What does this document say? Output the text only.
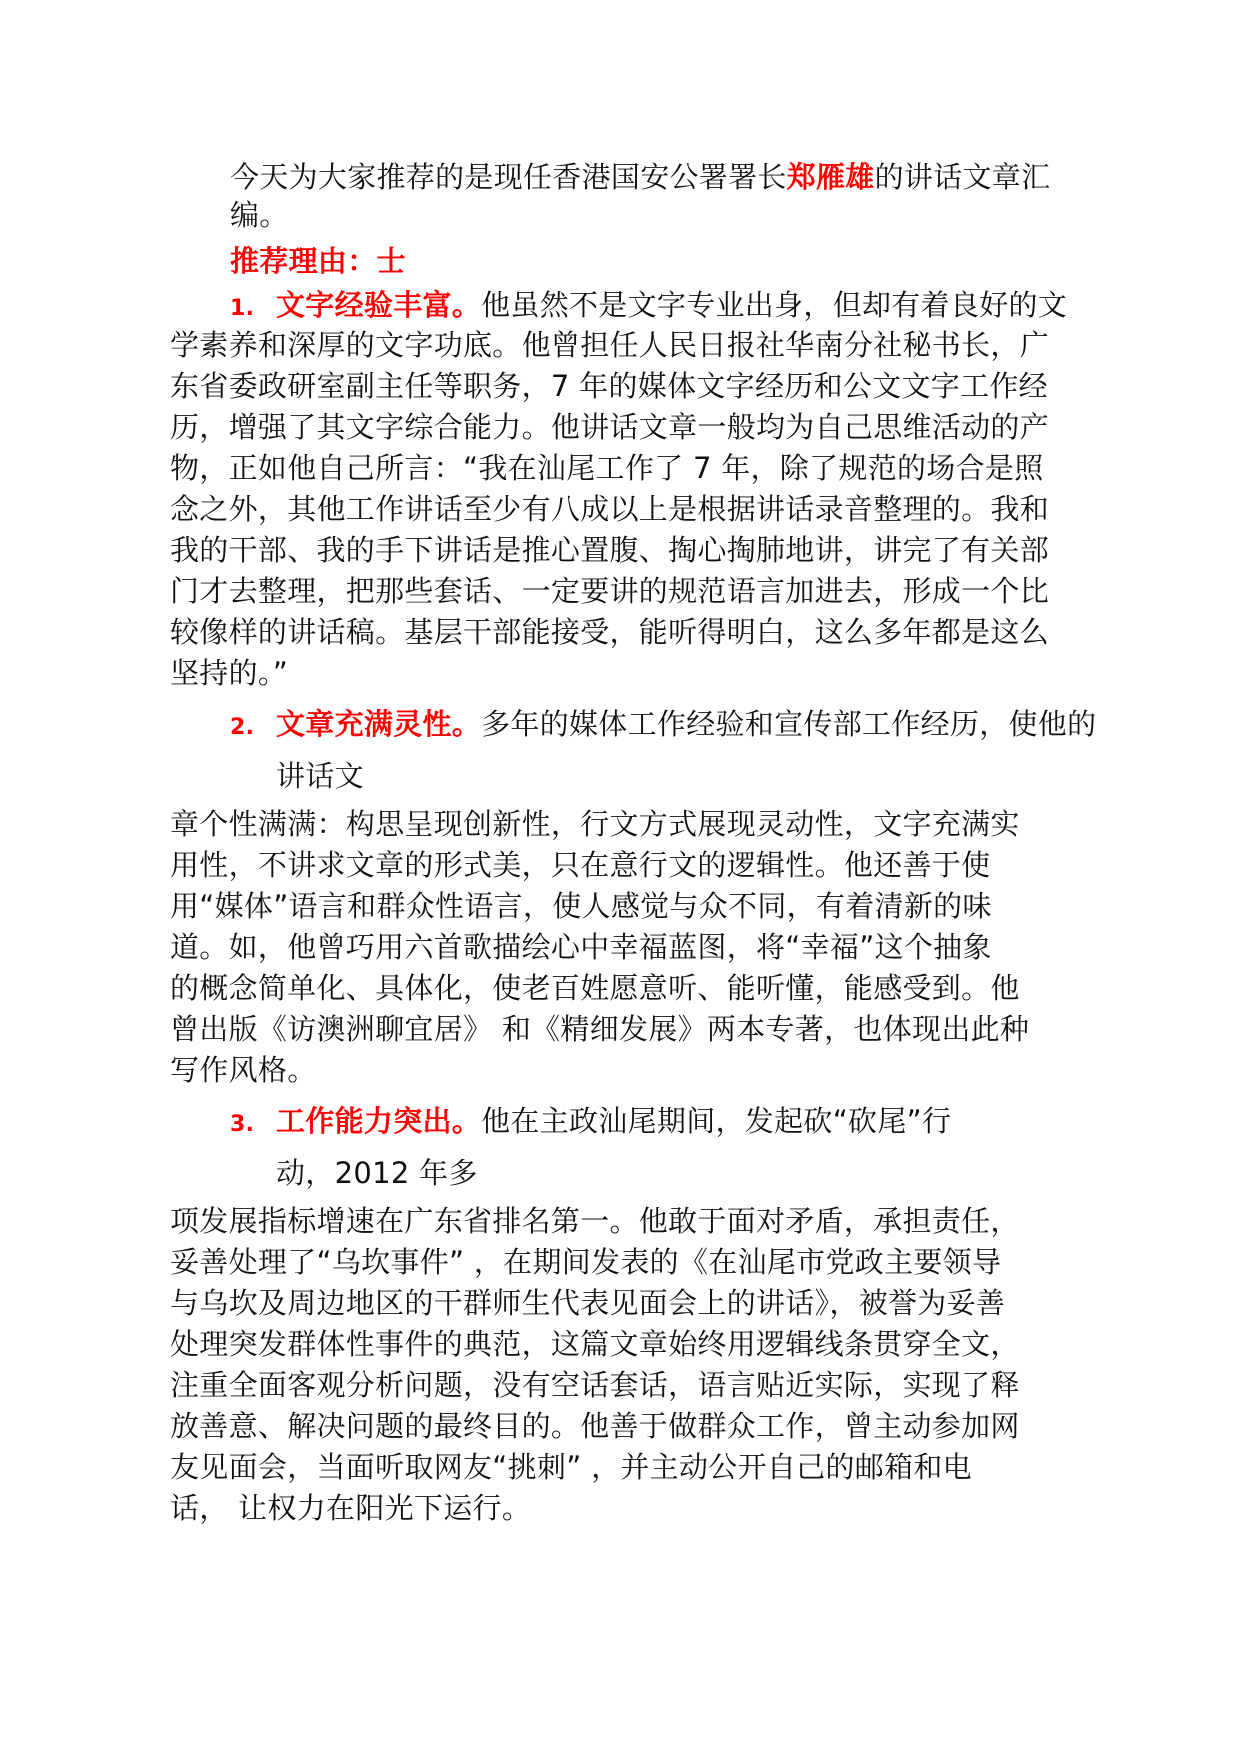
今天为大家推荐的是现任香港国安公署署长郑雁雄的讲话文章汇
编。
推荐理由：士
1. 文字经验丰富。他虽然不是文字专业出身，但却有着良好的文
学素养和深厚的文字功底。他曾担任人民日报社华南分社秘书长，广
东省委政研室副主任等职务，7 年的媒体文字经历和公文文字工作经
历，增强了其文字综合能力。他讲话文章一般均为自己思维活动的产
物，正如他自己所言：“我在汕尾工作了 7 年，除了规范的场合是照
念之外，其他工作讲话至少有八成以上是根据讲话录音整理的。我和
我的干部、我的手下讲话是推心置腹、掏心掏肺地讲，讲完了有关部
门才去整理，把那些套话、一定要讲的规范语言加进去，形成一个比
较像样的讲话稿。基层干部能接受，能听得明白，这么多年都是这么
坚持的。”
2. 文章充满灵性。多年的媒体工作经验和宣传部工作经历，使他的
讲话文
章个性满满：构思呈现创新性，行文方式展现灵动性，文字充满实
用性，不讲求文章的形式美，只在意行文的逻辑性。他还善于使
用“媒体”语言和群众性语言，使人感觉与众不同，有着清新的味
道。如，他曾巧用六首歌描绘心中幸福蓝图，将“幸福”这个抽象
的概念简单化、具体化，使老百姓愿意听、能听懂，能感受到。他
曾出版《访澳洲聊宜居》 和《精细发展》两本专著，也体现出此种
写作风格。
3. 工作能力突出。他在主政汕尾期间，发起砍“砍尾”行
动，2012 年多
项发展指标增速在广东省排名第一。他敢于面对矛盾，承担责任，
妥善处理了“乌坎事件” ，在期间发表的《在汕尾市党政主要领导
与乌坎及周边地区的干群师生代表见面会上的讲话》，被誉为妥善
处理突发群体性事件的典范，这篇文章始终用逻辑线条贯穿全文，
注重全面客观分析问题，没有空话套话，语言贴近实际，实现了释
放善意、解决问题的最终目的。他善于做群众工作，曾主动参加网
友见面会，当面听取网友“挑刺” ，并主动公开自己的邮箱和电
话， 让权力在阳光下运行。
